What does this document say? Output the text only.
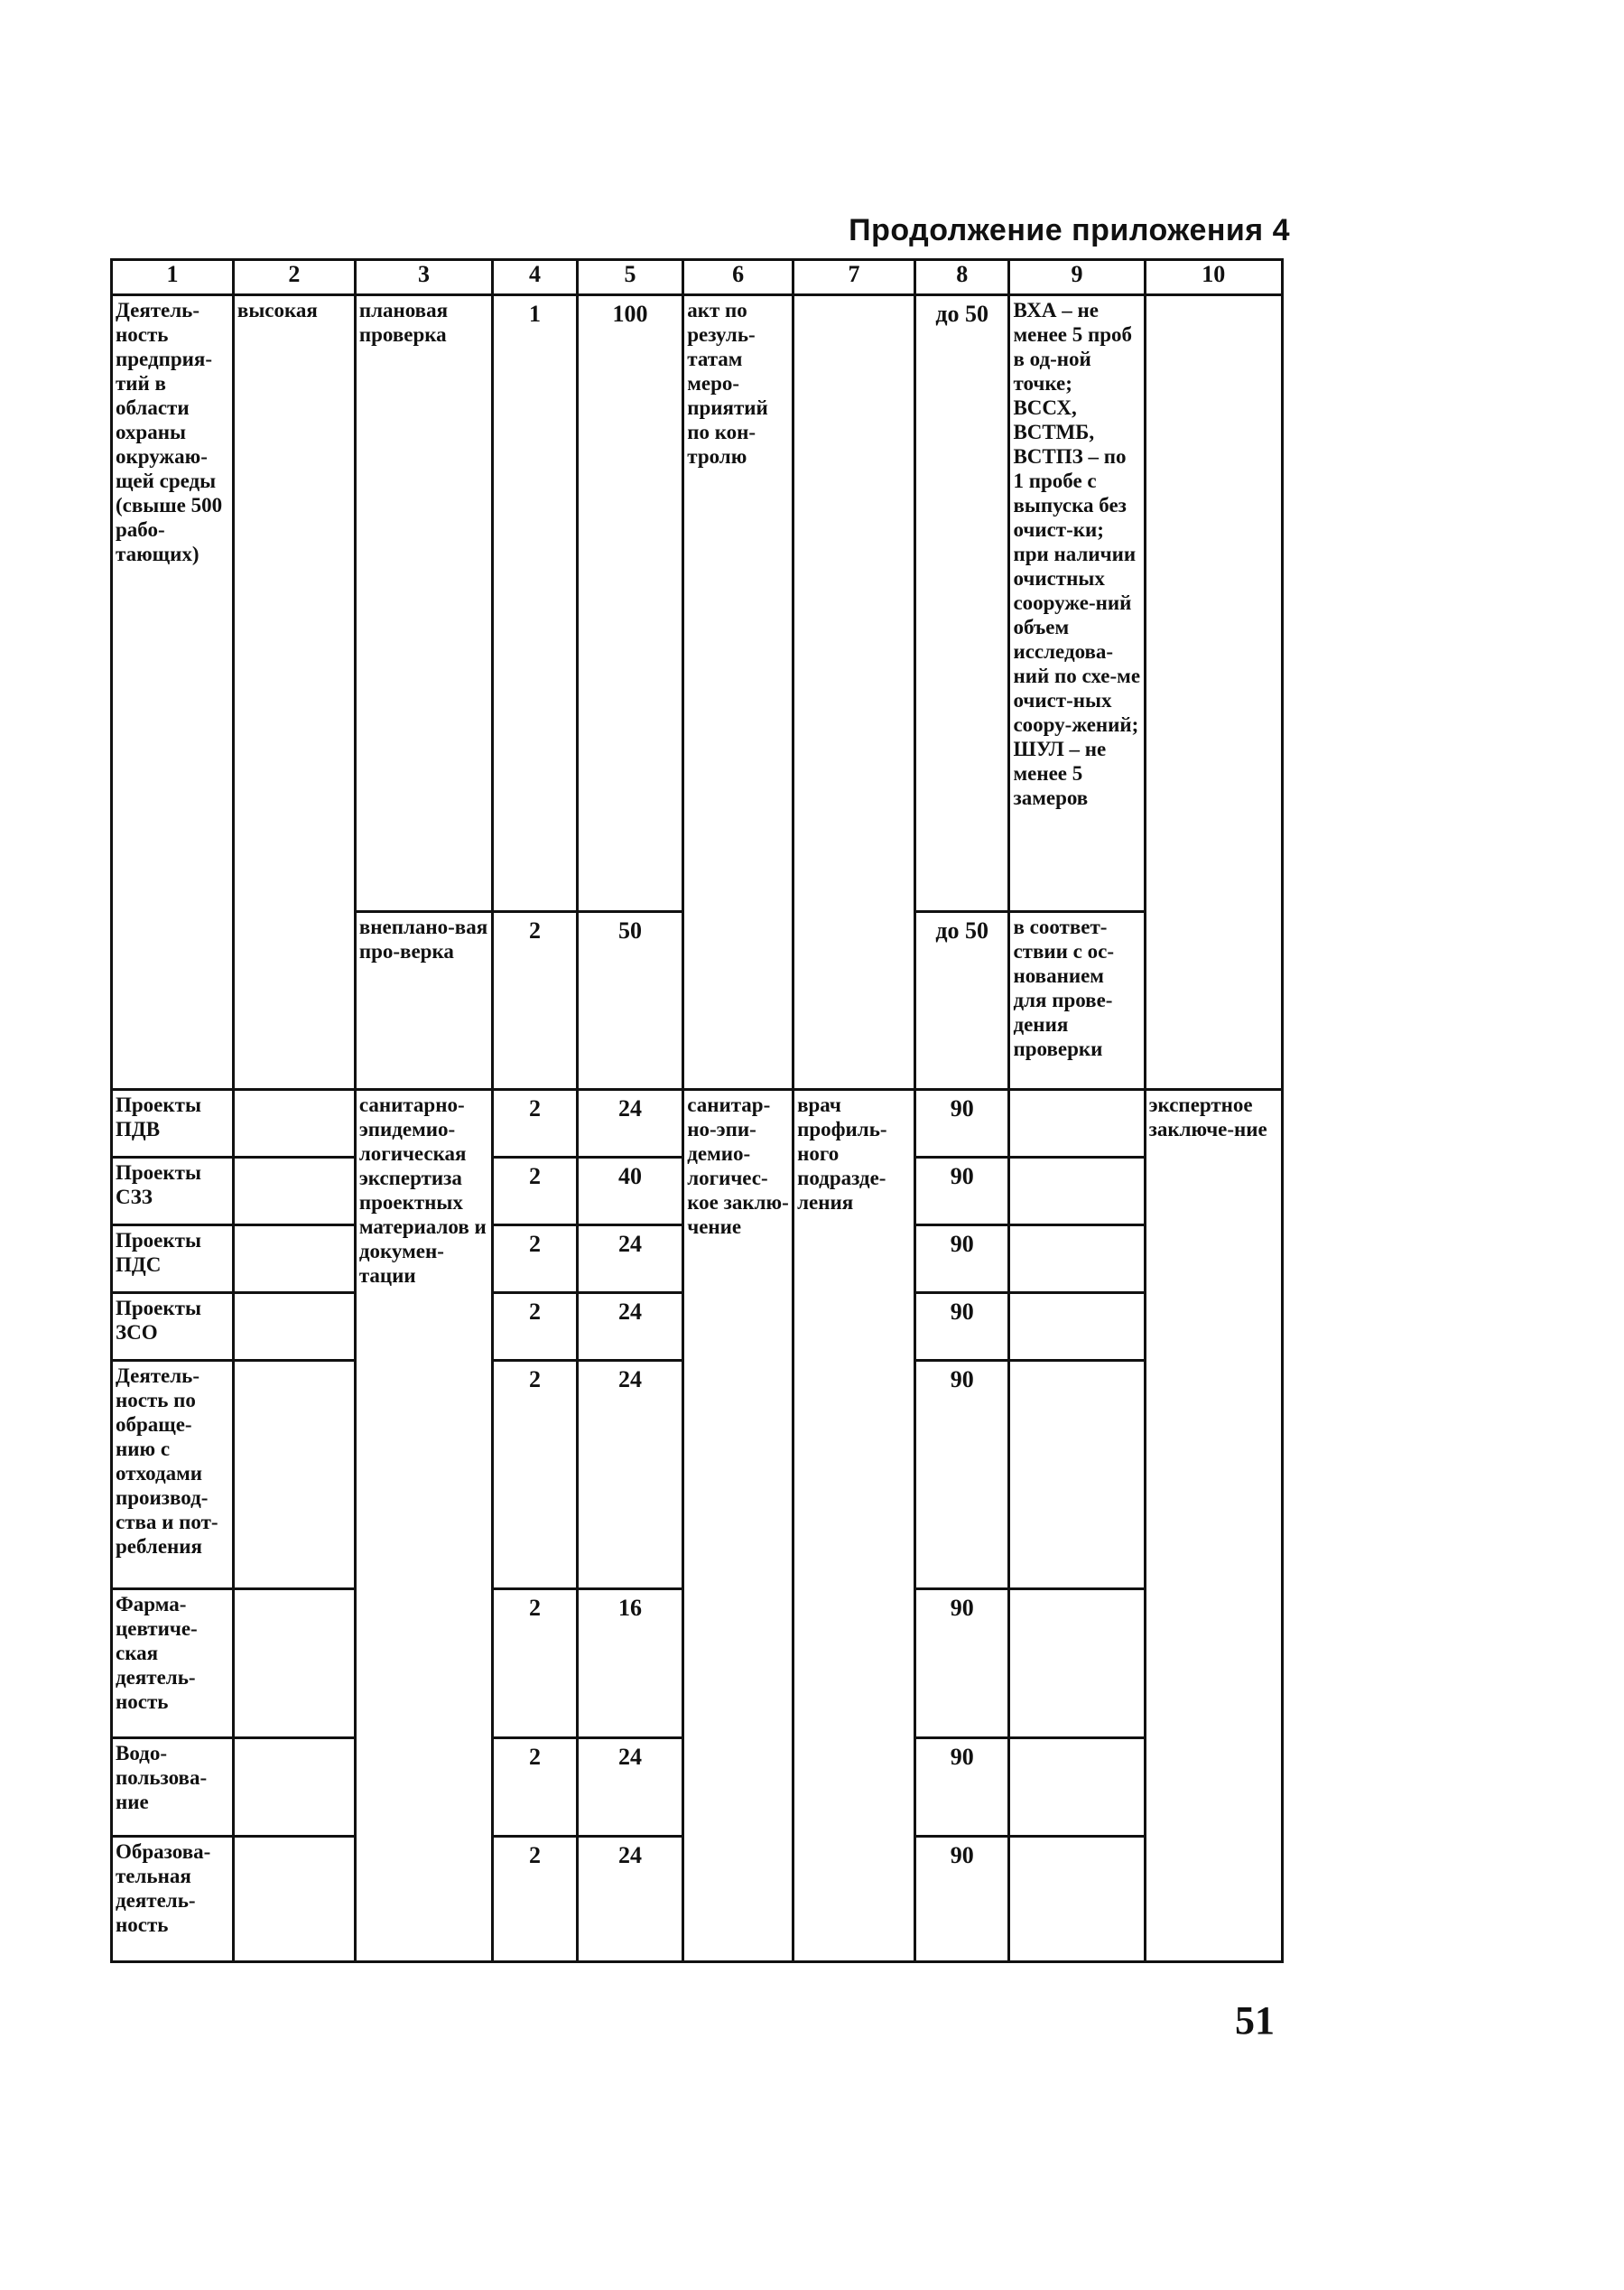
Продолжение приложения 4
1	2	3	4	5	6	7	8	9	10
Деятель-ность предприя-тий в области охраны окружаю-щей среды (свыше 500 рабо-тающих)	высокая	плановая проверка	1	100	акт по резуль-татам меро-приятий по кон-тролю		до 50	ВХА – не менее 5 проб в од-ной точке; ВССХ, ВСТМБ, ВСТПЗ – по 1 пробе с выпуска без очист-ки; при наличии очистных сооруже-ний объем исследова-ний по схе-ме очист-ных соору-жений; ШУЛ – не менее 5 замеров	
		внеплано-вая про-верка	2	50			до 50	в соответ-ствии с ос-нованием для прове-дения проверки	
Проекты ПДВ		санитарно-эпидемио-логическая экспертиза проектных материалов и докумен-тации	2	24	санитар-но-эпи-демио-логичес-кое заклю-чение	врач профиль-ного подразде-ления	90		экспертное заключе-ние
Проекты СЗЗ			2	40			90		
Проекты ПДС			2	24			90		
Проекты ЗСО			2	24			90		
Деятель-ность по обраще-нию с отходами производ-ства и пот-ребления			2	24			90		
Фарма-цевтиче-ская деятель-ность			2	16			90		
Водо-пользова-ние			2	24			90		
Образова-тельная деятель-ность			2	24			90		
51
